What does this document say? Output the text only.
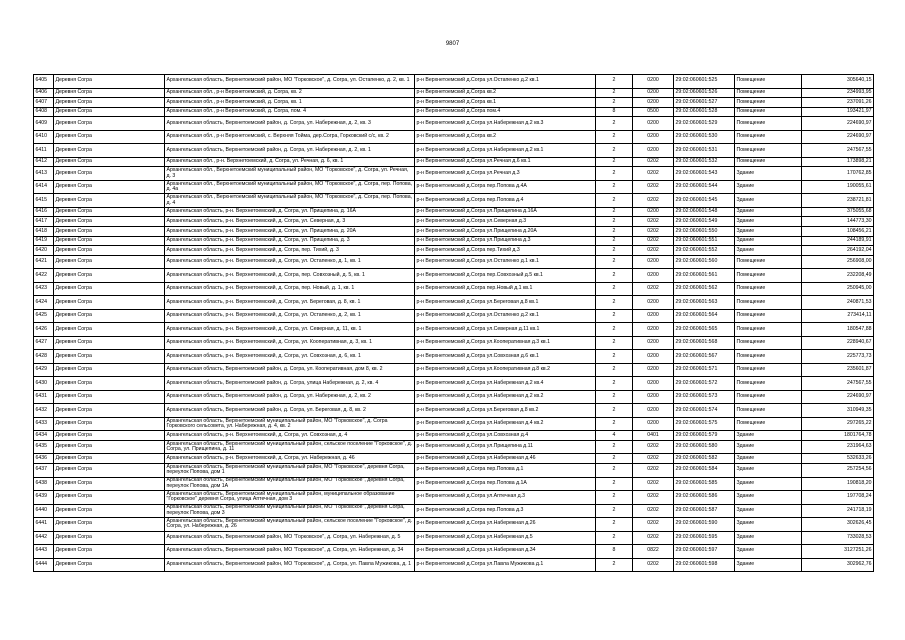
9807
6405	Деревня Согра	Архангельская область, Верхнетоемский район, МО "Горковское", д. Согра, ул. Остапенко, д. 2, кв. 1	р-н Верхнетоемский д.Согра ул.Остапенко д.2 кв.1	2	0200	29:02:060601:525	Помещение	305640,15
6406	Деревня Согра	Архангельская обл., р-н Верхнетоемский, д. Согра, кв. 2	р-н Верхнетоемский д.Согра кв.2	2	0200	29:02:060601:526	Помещение	234993,95
6407	Деревня Согра	Архангельская обл., р-н Верхнетоемский, д. Согра, кв. 1	р-н Верхнетоемский д.Согра кв.1	2	0200	29:02:060601:527	Помещение	237091,26
6408	Деревня Согра	Архангельская обл., р-н Верхнетоемский, д. Согра, пом. 4	р-н Верхнетоемский д.Согра пом.4	8	0500	29:02:060601:528	Помещение	193421,97
6409	Деревня Согра	Архангельская область, Верхнетоемский район, д. Согра, ул. Набережная, д. 2, кв. 3	р-н Верхнетоемский д.Согра ул.Набережная д.2 кв.3	2	0200	29:02:060601:529	Помещение	224690,97
6410	Деревня Согра	Архангельская обл., р-н Верхнетоемский, с. Верхняя Тойма, дер.Согра, Горковский с/с, кв. 2	р-н Верхнетоемский д.Согра кв.2	2	0200	29:02:060601:530	Помещение	224690,97
6411	Деревня Согра	Архангельская область, Верхнетоемский район, д. Согра, ул. Набережная, д. 2, кв. 1	р-н Верхнетоемский д.Согра ул.Набережная д.2 кв.1	2	0200	29:02:060601:531	Помещение	247567,55
6412	Деревня Согра	Архангельская обл., р-н. Верхнетоемский, д. Согра, ул. Речная, д. 6, кв. 1	р-н Верхнетоемский д.Согра ул.Речная д.6 кв.1	2	0202	29:02:060601:532	Помещение	173898,21
6413	Деревня Согра	Архангельская обл., Верхнетоемский муниципальный район, МО "Горковское", д. Согра, ул. Речная, д. 3	р-н Верхнетоемский д.Согра ул.Речная д.3	2	0202	29:02:060601:543	Здание	170762,85
6414	Деревня Согра	Архангельская обл., Верхнетоемский муниципальный район, МО "Горковское", д. Согра, пер. Попова, д. 4а	р-н Верхнетоемский д.Согра пер.Попова д.4А	2	0202	29:02:060601:544	Здание	190055,61
6415	Деревня Согра	Архангельская обл., Верхнетоемский муниципальный район, МО "Горковское", д. Согра, пер. Попова, д. 4	р-н Верхнетоемский д.Согра пер.Попова д.4	2	0202	29:02:060601:545	Здание	238721,81
6416	Деревня Согра	Архангельская область, р-н. Верхнетоемский, д. Согра, ул. Прищепина, д. 16А	р-н Верхнетоемский д.Согра ул.Прищепина д.16А	2	0200	29:02:060601:548	Здание	375055,68
6417	Деревня Согра	Архангельская область, р-н. Верхнетоемский, д. Согра, ул. Северная, д. 3	р-н Верхнетоемский д.Согра ул.Северная д.3	2	0202	29:02:060601:549	Здание	144773,30
6418	Деревня Согра	Архангельская область, р-н. Верхнетоемский, д. Согра, ул. Прищепина, д. 20А	р-н Верхнетоемский д.Согра ул.Прищепина д.20А	2	0202	29:02:060601:550	Здание	108456,21
6419	Деревня Согра	Архангельская область, р-н. Верхнетоемский, д. Согра, ул. Прищепина, д. 3	р-н Верхнетоемский д.Согра ул.Прищепина д.3	2	0202	29:02:060601:551	Здание	244189,91
6420	Деревня Согра	Архангельская область, р-н. Верхнетоемский, д. Согра, пер. Тихий, д. 3	р-н Верхнетоемский д.Согра пер.Тихий д.3	2	0202	29:02:060601:552	Здание	264192,04
6421	Деревня Согра	Архангельская область, р-н. Верхнетоемский, д. Согра, ул. Остапенко, д. 1, кв. 1	р-н Верхнетоемский д.Согра ул.Остапенко д.1 кв.1	2	0200	29:02:060601:560	Помещение	256908,00
6422	Деревня Согра	Архангельская область, р-н. Верхнетоемский, д. Согра, пер. Совхозный, д. 5, кв. 1	р-н Верхнетоемский д.Согра пер.Совхозный д.5 кв.1	2	0200	29:02:060601:561	Помещение	232208,49
6423	Деревня Согра	Архангельская область, р-н. Верхнетоемский, д. Согра, пер. Новый, д. 1, кв. 1	р-н Верхнетоемский д.Согра пер.Новый д.1 кв.1	2	0202	29:02:060601:562	Помещение	250945,00
6424	Деревня Согра	Архангельская область, р-н. Верхнетоемский, д. Согра, ул. Береговая, д. 8, кв. 1	р-н Верхнетоемский д.Согра ул.Береговая д.8 кв.1	2	0200	29:02:060601:563	Помещение	240871,53
6425	Деревня Согра	Архангельская область, р-н. Верхнетоемский, д. Согра, ул. Остапенко, д. 2, кв. 1	р-н Верхнетоемский д.Согра ул.Остапенко д.2 кв.1	2	0200	29:02:060601:564	Помещение	273414,11
6426	Деревня Согра	Архангельская область, р-н. Верхнетоемский, д. Согра, ул. Северная, д. 11, кв. 1	р-н Верхнетоемский д.Согра ул.Северная д.11 кв.1	2	0200	29:02:060601:565	Помещение	180547,88
6427	Деревня Согра	Архангельская область, р-н. Верхнетоемский, д. Согра, ул. Кооперативная, д. 3, кв. 1	р-н Верхнетоемский д.Согра ул.Кооперативная д.3 кв.1	2	0200	29:02:060601:568	Помещение	228940,67
6428	Деревня Согра	Архангельская область, р-н. Верхнетоемский, д. Согра, ул. Совхозная, д. 6, кв. 1	р-н Верхнетоемский д.Согра ул.Совхозная д.6 кв.1	2	0200	29:02:060601:567	Помещение	225773,73
6429	Деревня Согра	Архангельская область, Верхнетоемский район, д. Согра, ул. Кооперативная, дом 8, кв. 2	р-н Верхнетоемский д.Согра ул.Кооперативная д.8 кв.2	2	0200	29:02:060601:571	Помещение	235601,87
6430	Деревня Согра	Архангельская область, Верхнетоемский район, д. Согра, улица Набережная, д. 2, кв. 4	р-н Верхнетоемский д.Согра ул.Набережная д.2 кв.4	2	0200	29:02:060601:572	Помещение	247567,55
6431	Деревня Согра	Архангельская область, Верхнетоемский район, д. Согра, ул. Набережная, д. 2, кв. 2	р-н Верхнетоемский д.Согра ул.Набережная д.2 кв.2	2	0200	29:02:060601:573	Помещение	224690,97
6432	Деревня Согра	Архангельская область, Верхнетоемский район, д. Согра, ул. Береговая, д. 8, кв. 2	р-н Верхнетоемский д.Согра ул.Береговая д.8 кв.2	2	0200	29:02:060601:574	Помещение	310949,35
6433	Деревня Согра	Архангельская область, Верхнетоемский муниципальный район, МО "Горковское", д. Согра Горковского сельсовета, ул. Набережная, д. 4, кв. 2	р-н Верхнетоемский д.Согра ул.Набережная д.4 кв.2	2	0200	29:02:060601:575	Помещение	297265,22
6434	Деревня Согра	Архангельская область, р-н. Верхнетоемский, д. Согра, ул. Совхозная, д. 4	р-н Верхнетоемский д.Согра ул.Совхозная д.4	4	0401	29:02:060601:579	Здание	1801764,78
6435	Деревня Согра	Архангельская область, Верхнетоемский муниципальный район, сельское поселение "Горковское", д. Согра, ул. Прищепина, д. 11	р-н Верхнетоемский д.Согра ул.Прищепина д.11	2	0202	29:02:060601:580	Здание	231964,63
6436	Деревня Согра	Архангельская область, р-н. Верхнетоемский, д. Согра, ул. Набережная, д. 46	р-н Верхнетоемский д.Согра ул.Набережная д.46	2	0202	29:02:060601:582	Здание	532633,26
6437	Деревня Согра	Архангельская область, Верхнетоемский муниципальный район, МО "Горковское", деревня Согра, переулок Попова, дом 1	р-н Верхнетоемский д.Согра пер.Попова д.1	2	0202	29:02:060601:584	Здание	257254,56
6438	Деревня Согра	Архангельская область, Верхнетоемский муниципальный район, МО "Горковское", деревня Согра, переулок Попова, дом 1А	р-н Верхнетоемский д.Согра пер.Попова д.1А	2	0202	29:02:060601:585	Здание	190818,20
6439	Деревня Согра	Архангельская область, Верхнетоемский муниципальный район, муниципальное образование "Горковское" деревня Согра, улица Аптечная, дом 3	р-н Верхнетоемский д.Согра ул.Аптечная д.3	2	0202	29:02:060601:586	Здание	197708,24
6440	Деревня Согра	Архангельская область, Верхнетоемский муниципальный район, МО "Горковское", деревня Согра, переулок Попова, дом 3	р-н Верхнетоемский д.Согра пер.Попова д.3	2	0202	29:02:060601:587	Здание	241718,19
6441	Деревня Согра	Архангельская область, Верхнетоемский муниципальный район, сельское поселение "Горковское", д. Согра, ул. Набережная, д. 26	р-н Верхнетоемский д.Согра ул.Набережная д.26	2	0202	29:02:060601:590	Здание	302626,45
6442	Деревня Согра	Архангельская область, Верхнетоемский район, МО "Горковское", д. Согра, ул. Набережная, д. 5	р-н Верхнетоемский д.Согра ул.Набережная д.5	2	0202	29:02:060601:595	Здание	733028,53
6443	Деревня Согра	Архангельская область, Верхнетоемский район, МО "Горковское", д. Согра, ул. Набережная, д. 34	р-н Верхнетоемский д.Согра ул.Набережная д.34	8	0822	29:02:060601:597	Здание	3127251,26
6444	Деревня Согра	Архангельская область, Верхнетоемский район, МО "Горковское", д. Согра, ул. Павла Мужикова, д. 1	р-н Верхнетоемский д.Согра ул.Павла Мужикова д.1	2	0202	29:02:060601:598	Здание	302962,76
